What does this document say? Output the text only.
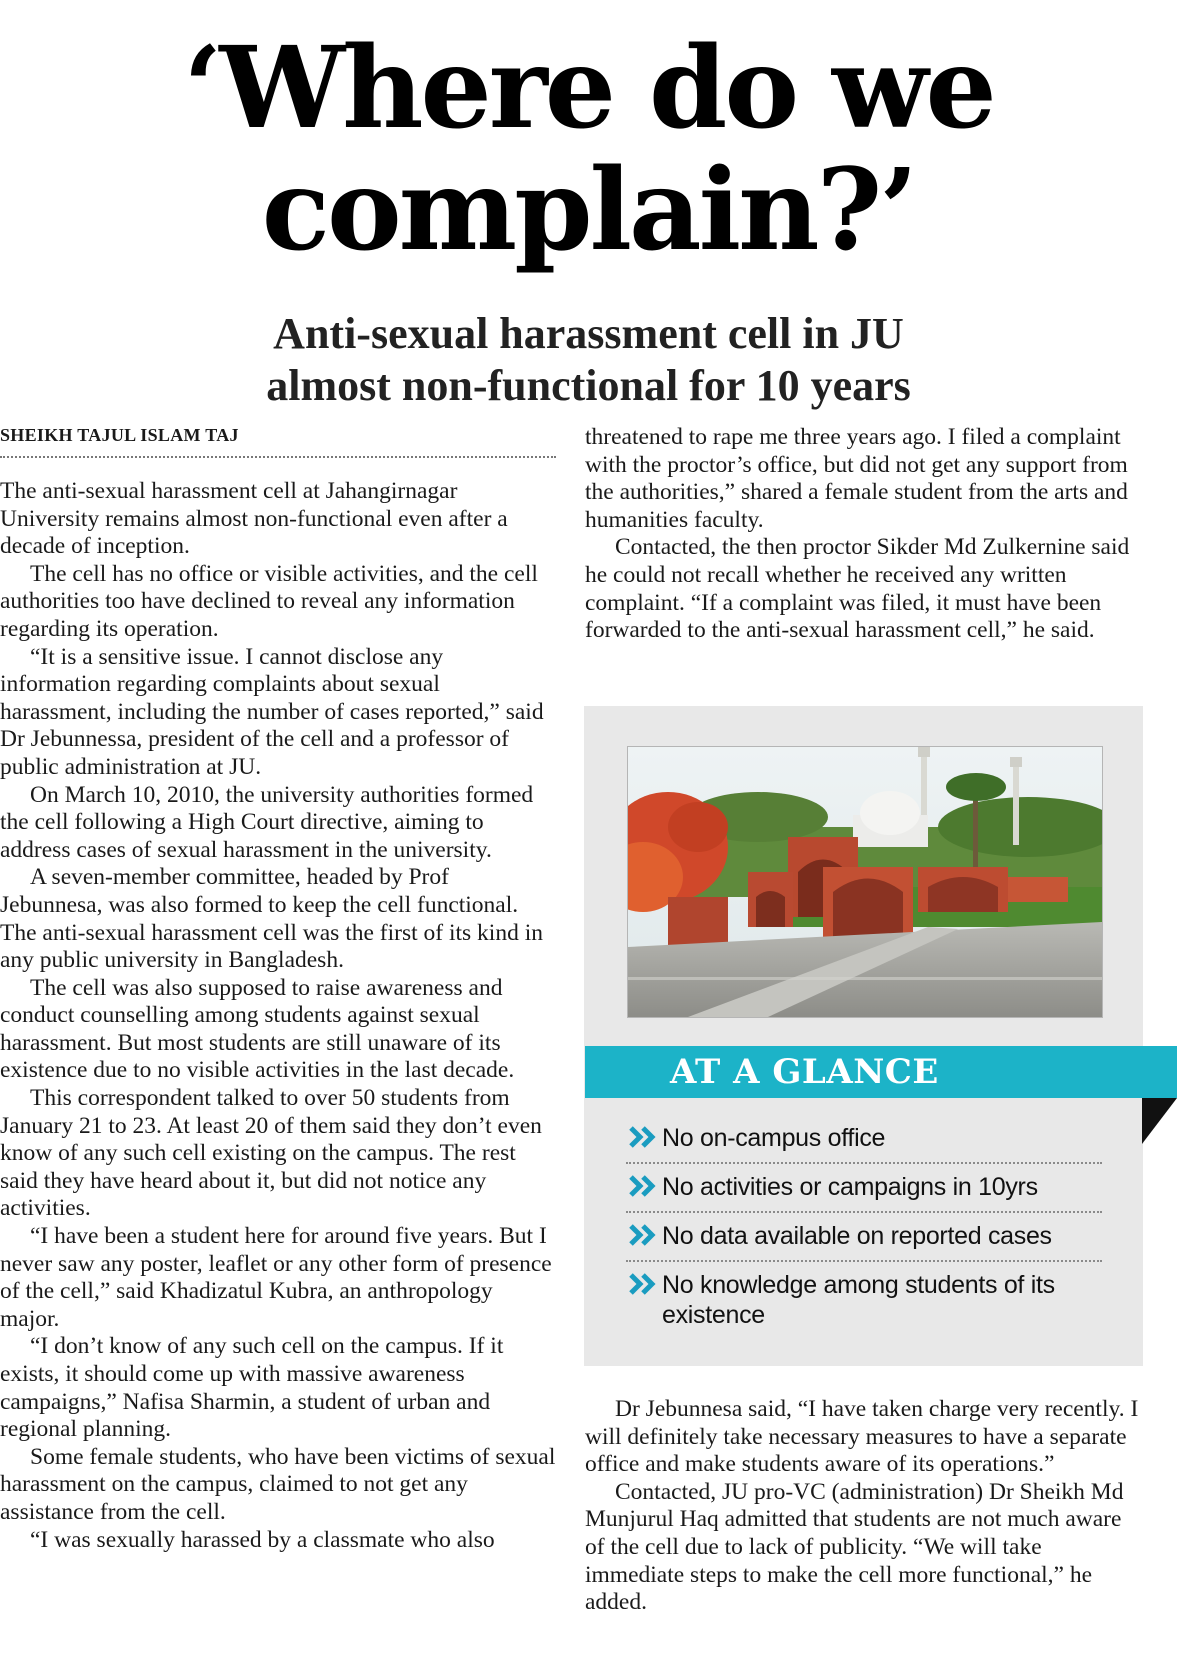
‘Where do we
complain?’
Anti-sexual harassment cell in JU
almost non-functional for 10 years
SHEIKH TAJUL ISLAM TAJ

The anti-sexual harassment cell at Jahangirnagar University remains almost non-functional even after a decade of inception.

The cell has no office or visible activities, and the cell authorities too have declined to reveal any information regarding its operation.

“It is a sensitive issue. I cannot disclose any information regarding complaints about sexual harassment, including the number of cases reported,” said Dr Jebunnessa, president of the cell and a professor of public administration at JU.

On March 10, 2010, the university authorities formed the cell following a High Court directive, aiming to address cases of sexual harassment in the university.

A seven-member committee, headed by Prof Jebunnesa, was also formed to keep the cell functional. The anti-sexual harassment cell was the first of its kind in any public university in Bangladesh.

The cell was also supposed to raise awareness and conduct counselling among students against sexual harassment. But most students are still unaware of its existence due to no visible activities in the last decade.

This correspondent talked to over 50 students from January 21 to 23. At least 20 of them said they don’t even know of any such cell existing on the campus. The rest said they have heard about it, but did not notice any activities.

“I have been a student here for around five years. But I never saw any poster, leaflet or any other form of presence of the cell,” said Khadizatul Kubra, an anthropology major.

“I don’t know of any such cell on the campus. If it exists, it should come up with massive awareness campaigns,” Nafisa Sharmin, a student of urban and regional planning.

Some female students, who have been victims of sexual harassment on the campus, claimed to not get any assistance from the cell.

“I was sexually harassed by a classmate who also

threatened to rape me three years ago. I filed a complaint with the proctor’s office, but did not get any support from the authorities,” shared a female student from the arts and humanities faculty.

Contacted, the then proctor Sikder Md Zulkernine said he could not recall whether he received any written complaint. “If a complaint was filed, it must have been forwarded to the anti-sexual harassment cell,” he said.

AT A GLANCE
No on-campus office
No activities or campaigns in 10yrs
No data available on reported cases
No knowledge among students of its existence

Dr Jebunnesa said, “I have taken charge very recently. I will definitely take necessary measures to have a separate office and make students aware of its operations.”

Contacted, JU pro-VC (administration) Dr Sheikh Md Munjurul Haq admitted that students are not much aware of the cell due to lack of publicity. “We will take immediate steps to make the cell more functional,” he added.
